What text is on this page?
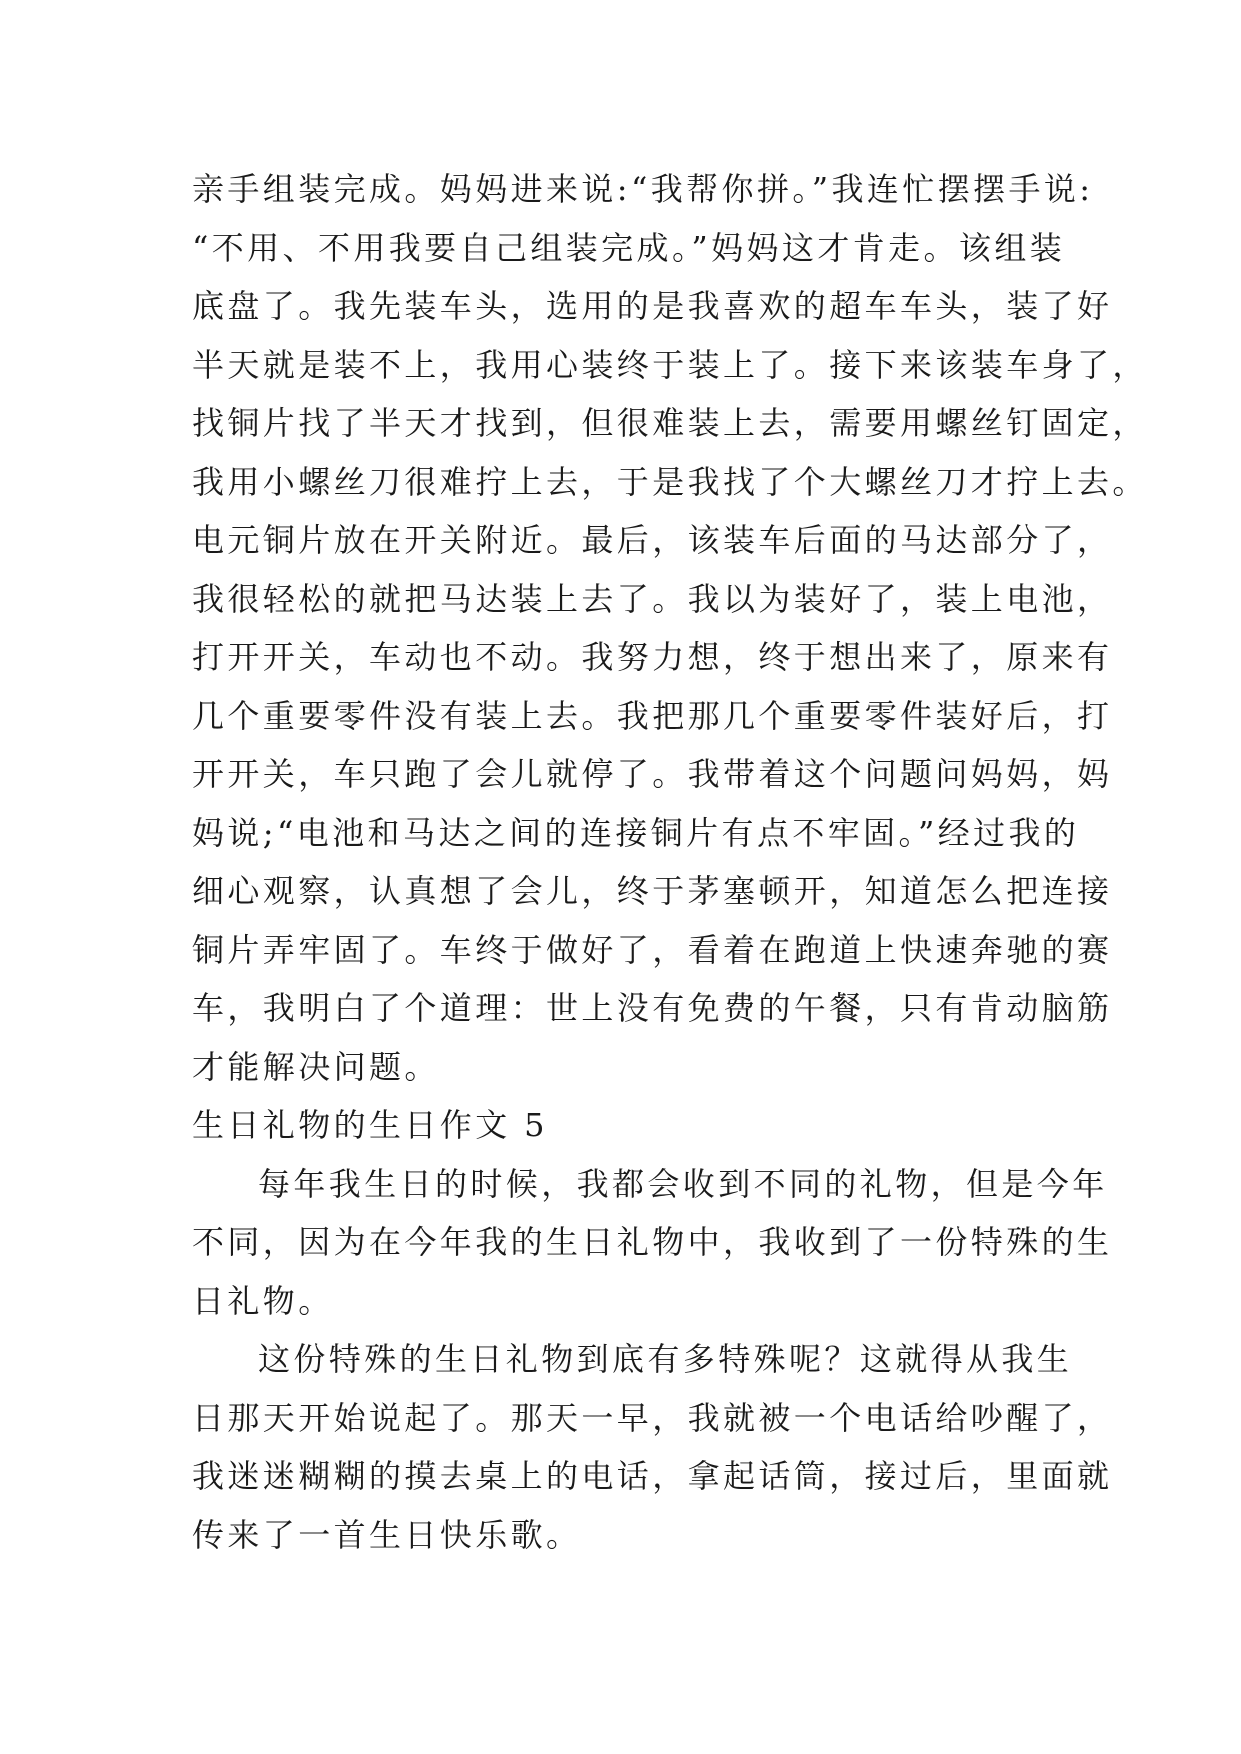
亲手组装完成。妈妈进来说:“我帮你拼。”我连忙摆摆手说:
“不用、不用我要自己组装完成。”妈妈这才肯走。该组装
底盘了。我先装车头，选用的是我喜欢的超车车头，装了好
半天就是装不上，我用心装终于装上了。接下来该装车身了，
找铜片找了半天才找到，但很难装上去，需要用螺丝钉固定，
我用小螺丝刀很难拧上去，于是我找了个大螺丝刀才拧上去。
电元铜片放在开关附近。最后，该装车后面的马达部分了，
我很轻松的就把马达装上去了。我以为装好了，装上电池，
打开开关，车动也不动。我努力想，终于想出来了，原来有
几个重要零件没有装上去。我把那几个重要零件装好后，打
开开关，车只跑了会儿就停了。我带着这个问题问妈妈，妈
妈说;“电池和马达之间的连接铜片有点不牢固。”经过我的
细心观察，认真想了会儿，终于茅塞顿开，知道怎么把连接
铜片弄牢固了。车终于做好了，看着在跑道上快速奔驰的赛
车，我明白了个道理：世上没有免费的午餐，只有肯动脑筋
才能解决问题。
生日礼物的生日作文 5
每年我生日的时候，我都会收到不同的礼物，但是今年
不同，因为在今年我的生日礼物中，我收到了一份特殊的生
日礼物。
这份特殊的生日礼物到底有多特殊呢？这就得从我生
日那天开始说起了。那天一早，我就被一个电话给吵醒了，
我迷迷糊糊的摸去桌上的电话，拿起话筒，接过后，里面就
传来了一首生日快乐歌。
